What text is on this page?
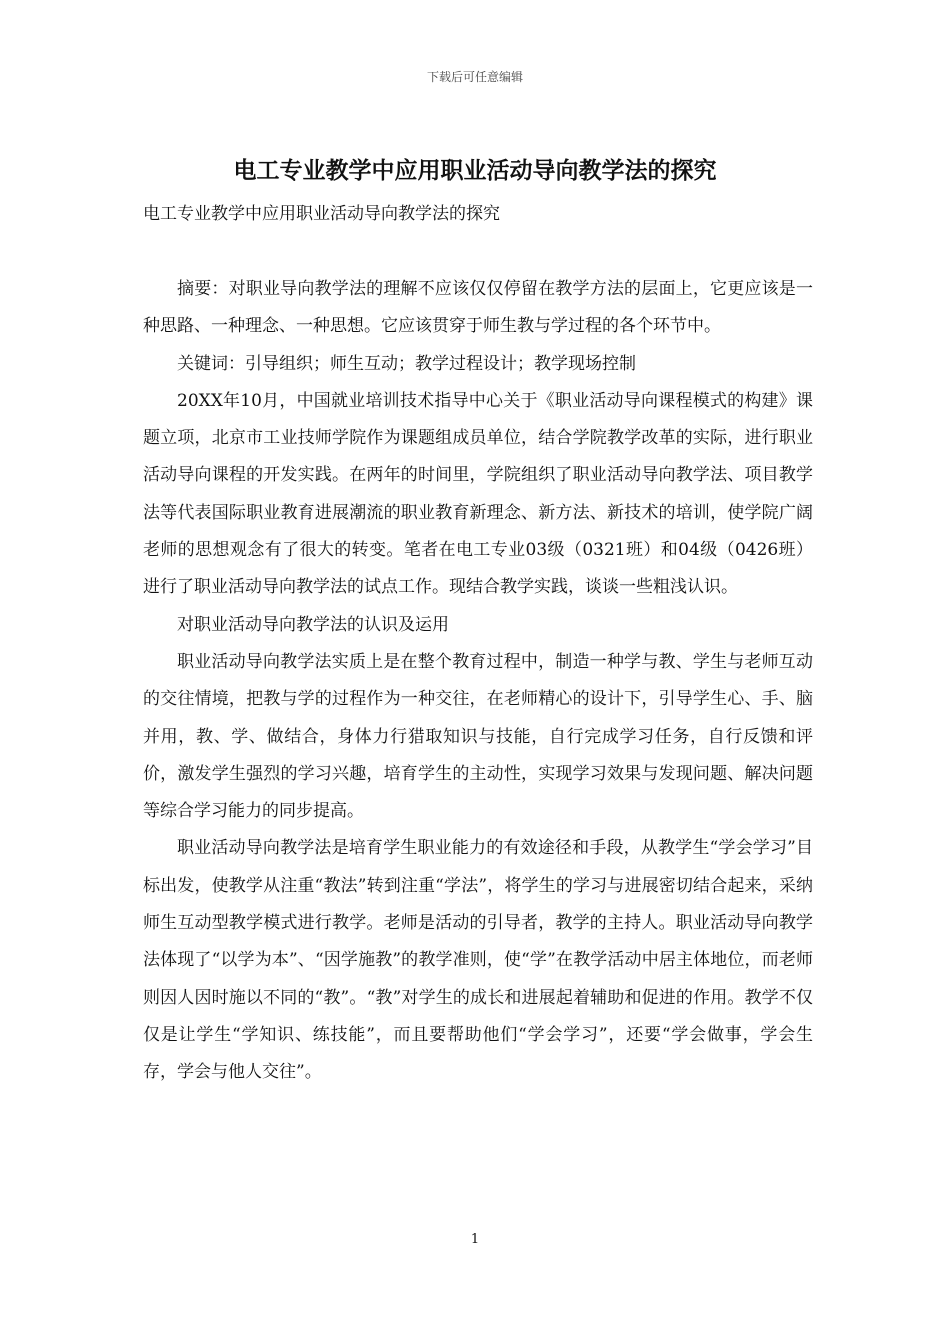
下载后可任意编辑
电工专业教学中应用职业活动导向教学法的探究
电工专业教学中应用职业活动导向教学法的探究

摘要：对职业导向教学法的理解不应该仅仅停留在教学方法的层面上，它更应该是一种思路、一种理念、一种思想。它应该贯穿于师生教与学过程的各个环节中。

关键词：引导组织；师生互动；教学过程设计；教学现场控制

20XX年10月，中国就业培训技术指导中心关于《职业活动导向课程模式的构建》课题立项，北京市工业技师学院作为课题组成员单位，结合学院教学改革的实际，进行职业活动导向课程的开发实践。在两年的时间里，学院组织了职业活动导向教学法、项目教学法等代表国际职业教育进展潮流的职业教育新理念、新方法、新技术的培训，使学院广阔老师的思想观念有了很大的转变。笔者在电工专业03级（0321班）和04级（0426班）进行了职业活动导向教学法的试点工作。现结合教学实践，谈谈一些粗浅认识。

对职业活动导向教学法的认识及运用

职业活动导向教学法实质上是在整个教育过程中，制造一种学与教、学生与老师互动的交往情境，把教与学的过程作为一种交往，在老师精心的设计下，引导学生心、手、脑并用，教、学、做结合，身体力行猎取知识与技能，自行完成学习任务，自行反馈和评价，激发学生强烈的学习兴趣，培育学生的主动性，实现学习效果与发现问题、解决问题等综合学习能力的同步提高。

职业活动导向教学法是培育学生职业能力的有效途径和手段，从教学生“学会学习”目标出发，使教学从注重“教法”转到注重“学法”，将学生的学习与进展密切结合起来，采纳师生互动型教学模式进行教学。老师是活动的引导者，教学的主持人。职业活动导向教学法体现了“以学为本”、“因学施教”的教学准则，使“学”在教学活动中居主体地位，而老师则因人因时施以不同的“教”。“教”对学生的成长和进展起着辅助和促进的作用。教学不仅仅是让学生“学知识、练技能”，而且要帮助他们“学会学习”，还要“学会做事，学会生存，学会与他人交往”。

1
